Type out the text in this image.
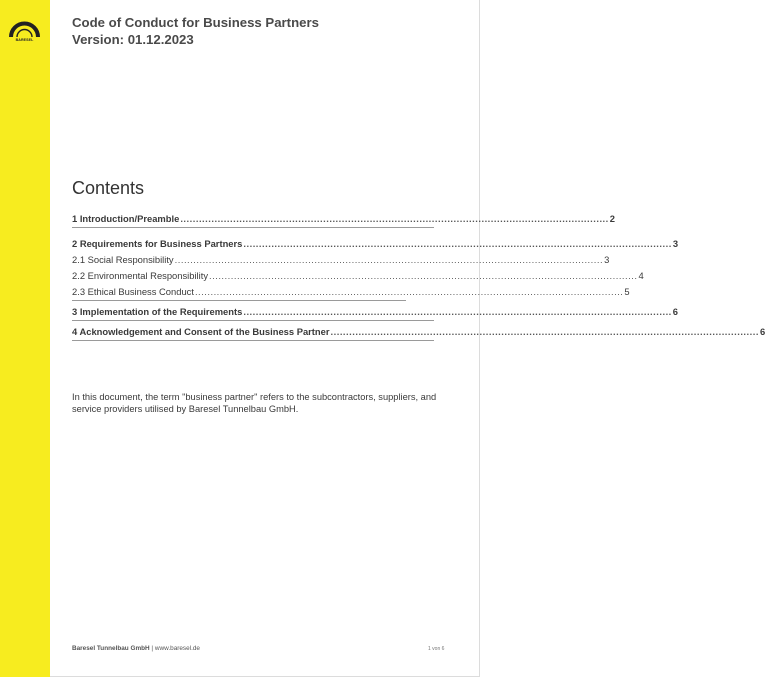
BARESEL
Code of Conduct for Business Partners
Version: 01.12.2023
Contents
1 Introduction/Preamble .......................................................................................................................................... 2
2 Requirements for Business Partners .......................................................................................................................................... 3
2.1 Social Responsibility .......................................................................................................................................... 3
2.2 Environmental Responsibility .......................................................................................................................................... 4
2.3 Ethical Business Conduct .......................................................................................................................................... 5
3 Implementation of the Requirements .......................................................................................................................................... 6
4 Acknowledgement and Consent of the Business Partner .......................................................................................................................................... 6
In this document, the term "business partner" refers to the subcontractors, suppliers, and service providers utilised by Baresel Tunnelbau GmbH.
Baresel Tunnelbau GmbH | www.baresel.de	1 von 6
